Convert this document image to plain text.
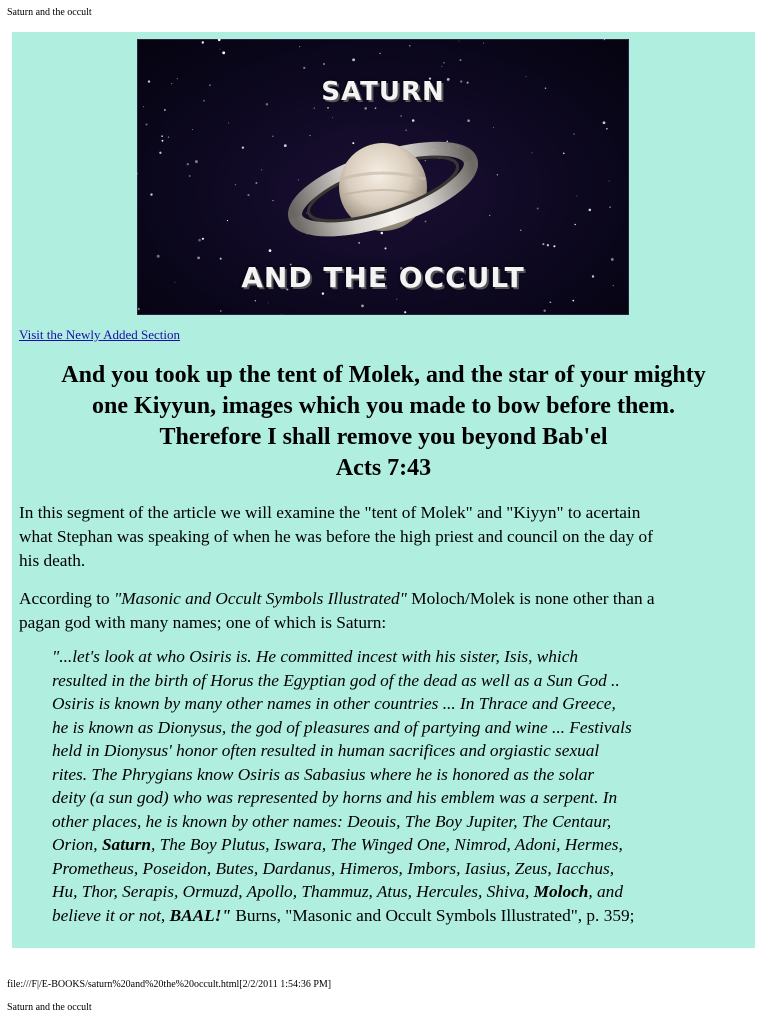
Saturn and the occult
SATURN
AND THE OCCULT
Visit the Newly Added Section
And you took up the tent of Molek, and the star of your mighty
one Kiyyun, images which you made to bow before them.
Therefore I shall remove you beyond Bab'el
Acts 7:43
In this segment of the article we will examine the "tent of Molek" and "Kiyyn" to acertain
what Stephan was speaking of when he was before the high priest and council on the day of
his death.
According to "Masonic and Occult Symbols Illustrated" Moloch/Molek is none other than a
pagan god with many names; one of which is Saturn:
"...let's look at who Osiris is. He committed incest with his sister, Isis, which
resulted in the birth of Horus the Egyptian god of the dead as well as a Sun God ..
Osiris is known by many other names in other countries ... In Thrace and Greece,
he is known as Dionysus, the god of pleasures and of partying and wine ... Festivals
held in Dionysus' honor often resulted in human sacrifices and orgiastic sexual
rites. The Phrygians know Osiris as Sabasius where he is honored as the solar
deity (a sun god) who was represented by horns and his emblem was a serpent. In
other places, he is known by other names: Deouis, The Boy Jupiter, The Centaur,
Orion, Saturn, The Boy Plutus, Iswara, The Winged One, Nimrod, Adoni, Hermes,
Prometheus, Poseidon, Butes, Dardanus, Himeros, Imbors, Iasius, Zeus, Iacchus,
Hu, Thor, Serapis, Ormuzd, Apollo, Thammuz, Atus, Hercules, Shiva, Moloch, and
believe it or not, BAAL!" Burns, "Masonic and Occult Symbols Illustrated", p. 359;
file:///F|/E-BOOKS/saturn%20and%20the%20occult.html[2/2/2011 1:54:36 PM]
Saturn and the occult
